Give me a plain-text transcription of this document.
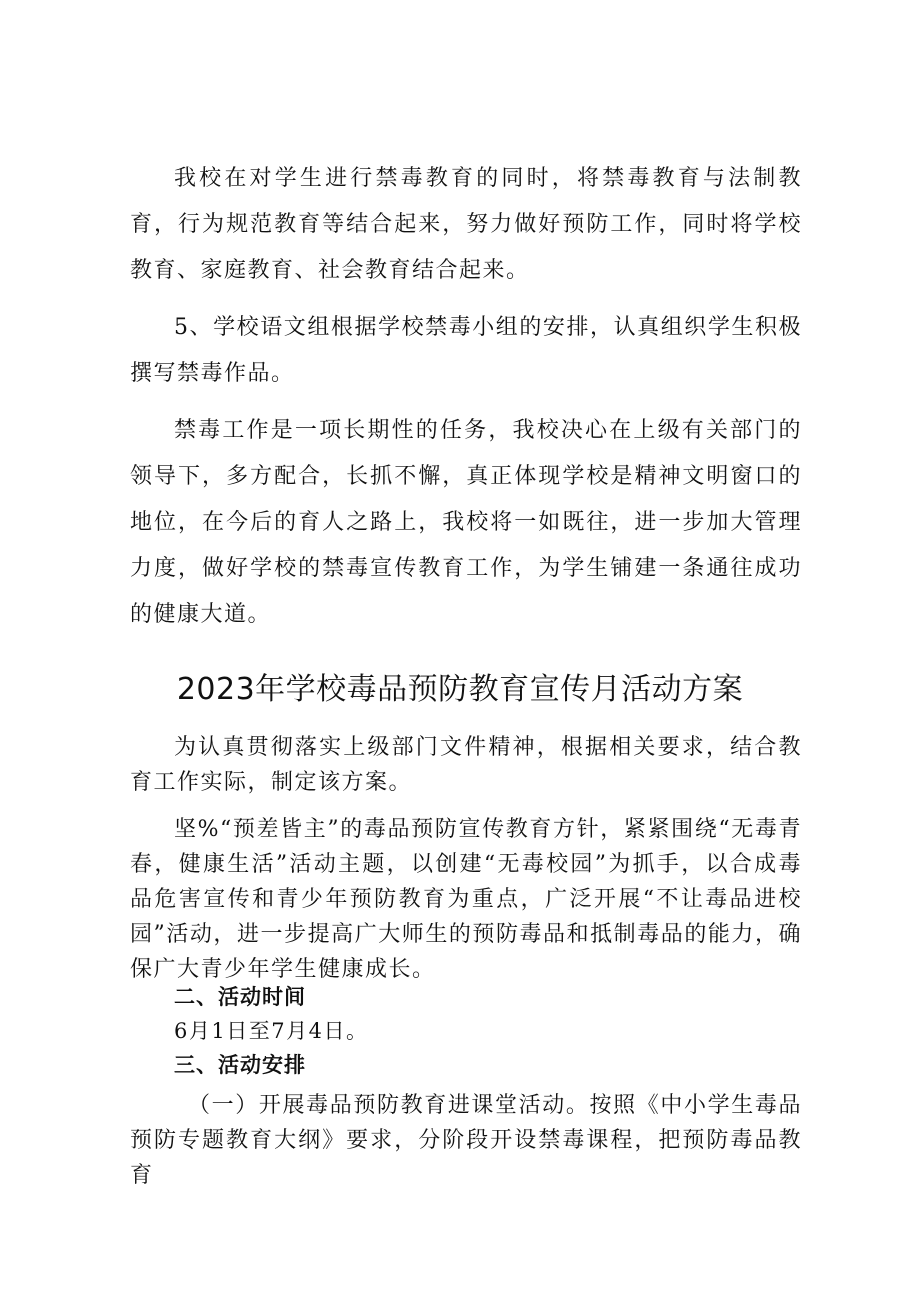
我校在对学生进行禁毒教育的同时，将禁毒教育与法制教育，行为规范教育等结合起来，努力做好预防工作，同时将学校教育、家庭教育、社会教育结合起来。

5、学校语文组根据学校禁毒小组的安排，认真组织学生积极撰写禁毒作品。

禁毒工作是一项长期性的任务，我校决心在上级有关部门的领导下，多方配合，长抓不懈，真正体现学校是精神文明窗口的地位，在今后的育人之路上，我校将一如既往，进一步加大管理力度，做好学校的禁毒宣传教育工作，为学生铺建一条通往成功的健康大道。

2023年学校毒品预防教育宣传月活动方案

为认真贯彻落实上级部门文件精神，根据相关要求，结合教育工作实际，制定该方案。

坚%“预差皆主”的毒品预防宣传教育方针，紧紧围绕“无毒青春，健康生活”活动主题，以创建“无毒校园”为抓手，以合成毒品危害宣传和青少年预防教育为重点，广泛开展“不让毒品进校园”活动，进一步提高广大师生的预防毒品和抵制毒品的能力，确保广大青少年学生健康成长。

二、活动时间
6月1日至7月4日。
三、活动安排

（一）开展毒品预防教育进课堂活动。按照《中小学生毒品预防专题教育大纲》要求，分阶段开设禁毒课程，把预防毒品教育
